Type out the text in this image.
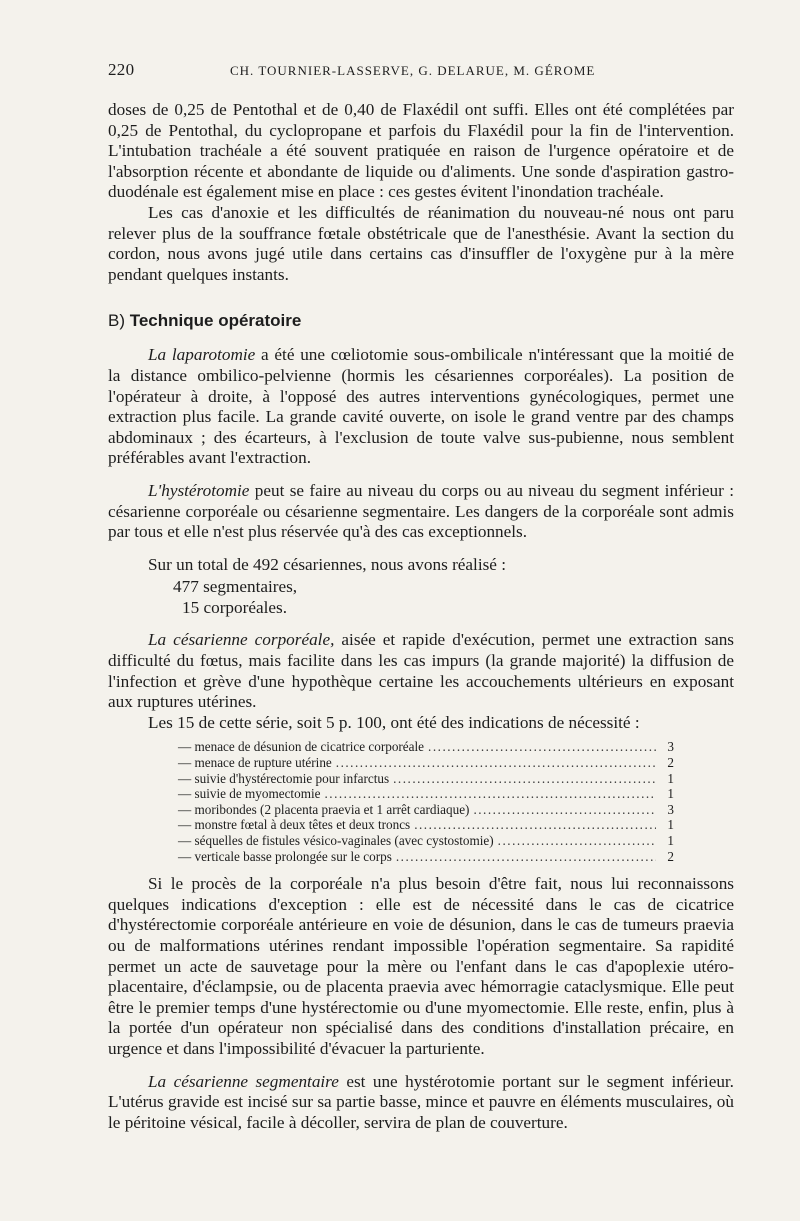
220	CH. TOURNIER-LASSERVE, G. DELARUE, M. GÉROME

doses de 0,25 de Pentothal et de 0,40 de Flaxédil ont suffi. Elles ont été complétées par 0,25 de Pentothal, du cyclopropane et parfois du Flaxédil pour la fin de l'intervention. L'intubation trachéale a été souvent pratiquée en raison de l'urgence opératoire et de l'absorption récente et abondante de liquide ou d'aliments. Une sonde d'aspiration gastro-duodénale est également mise en place : ces gestes évitent l'inondation trachéale.

Les cas d'anoxie et les difficultés de réanimation du nouveau-né nous ont paru relever plus de la souffrance fœtale obstétricale que de l'anesthésie. Avant la section du cordon, nous avons jugé utile dans certains cas d'insuffler de l'oxygène pur à la mère pendant quelques instants.

B) Technique opératoire

La laparotomie a été une cœliotomie sous-ombilicale n'intéressant que la moitié de la distance ombilico-pelvienne (hormis les césariennes corporéales). La position de l'opérateur à droite, à l'opposé des autres interventions gynécologiques, permet une extraction plus facile. La grande cavité ouverte, on isole le grand ventre par des champs abdominaux ; des écarteurs, à l'exclusion de toute valve sus-pubienne, nous semblent préférables avant l'extraction.

L'hystérotomie peut se faire au niveau du corps ou au niveau du segment inférieur : césarienne corporéale ou césarienne segmentaire. Les dangers de la corporéale sont admis par tous et elle n'est plus réservée qu'à des cas exceptionnels.

Sur un total de 492 césariennes, nous avons réalisé :

477 segmentaires,
15 corporéales.

La césarienne corporéale, aisée et rapide d'exécution, permet une extraction sans difficulté du fœtus, mais facilite dans les cas impurs (la grande majorité) la diffusion de l'infection et grève d'une hypothèque certaine les accouchements ultérieurs en exposant aux ruptures utérines.

Les 15 de cette série, soit 5 p. 100, ont été des indications de nécessité :

— menace de désunion de cicatrice corporéale .....	3
— menace de rupture utérine .....	2
— suivie d'hystérectomie pour infarctus .....	1
— suivie de myomectomie .....	1
— moribondes (2 placenta praevia et 1 arrêt cardiaque) .....	3
— monstre fœtal à deux têtes et deux troncs .....	1
— séquelles de fistules vésico-vaginales (avec cystostomie) .....	1
— verticale basse prolongée sur le corps .....	2

Si le procès de la corporéale n'a plus besoin d'être fait, nous lui reconnaissons quelques indications d'exception : elle est de nécessité dans le cas de cicatrice d'hystérectomie corporéale antérieure en voie de désunion, dans le cas de tumeurs praevia ou de malformations utérines rendant impossible l'opération segmentaire. Sa rapidité permet un acte de sauvetage pour la mère ou l'enfant dans le cas d'apoplexie utéro-placentaire, d'éclampsie, ou de placenta praevia avec hémorragie cataclysmique. Elle peut être le premier temps d'une hystérectomie ou d'une myomectomie. Elle reste, enfin, plus à la portée d'un opérateur non spécialisé dans des conditions d'installation précaire, en urgence et dans l'impossibilité d'évacuer la parturiente.

La césarienne segmentaire est une hystérotomie portant sur le segment inférieur. L'utérus gravide est incisé sur sa partie basse, mince et pauvre en éléments musculaires, où le péritoine vésical, facile à décoller, servira de plan de couverture.
